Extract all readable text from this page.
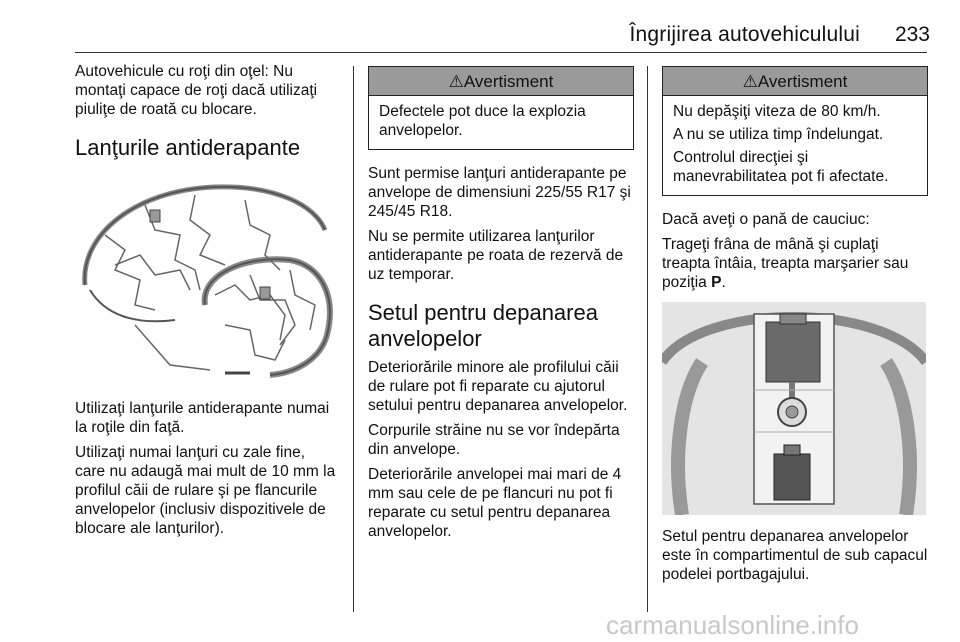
Îngrijirea autovehiculului	233

Autovehicule cu roţi din oţel: Nu montaţi capace de roţi dacă utilizaţi piuliţe de roată cu blocare.

Lanţurile antiderapante

Utilizaţi lanţurile antiderapante numai la roţile din faţă.

Utilizaţi numai lanţuri cu zale fine, care nu adaugă mai mult de 10 mm la profilul căii de rulare şi pe flancurile anvelopelor (inclusiv dispozitivele de blocare ale lanţurilor).

⚠Avertisment

Defectele pot duce la explozia anvelopelor.

Sunt permise lanţuri antiderapante pe anvelope de dimensiuni 225/55 R17 şi 245/45 R18.

Nu se permite utilizarea lanţurilor antiderapante pe roata de rezervă de uz temporar.

Setul pentru depanarea anvelopelor

Deteriorările minore ale profilului căii de rulare pot fi reparate cu ajutorul setului pentru depanarea anvelopelor.

Corpurile străine nu se vor îndepărta din anvelope.

Deteriorările anvelopei mai mari de 4 mm sau cele de pe flancuri nu pot fi reparate cu setul pentru depanarea anvelopelor.

⚠Avertisment

Nu depăşiţi viteza de 80 km/h.

A nu se utiliza timp îndelungat.

Controlul direcţiei şi manevrabilitatea pot fi afectate.

Dacă aveţi o pană de cauciuc:

Trageţi frâna de mână şi cuplaţi treapta întâia, treapta marşarier sau poziţia P.

Setul pentru depanarea anvelopelor este în compartimentul de sub capacul podelei portbagajului.

carmanualsonline.info
